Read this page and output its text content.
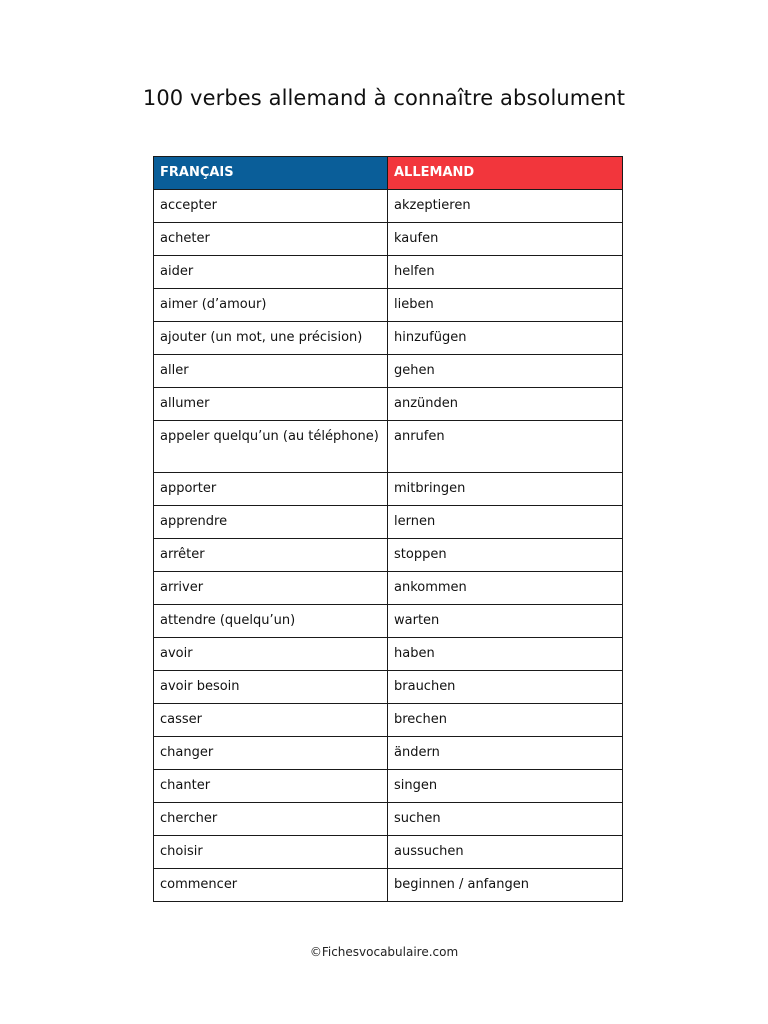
100 verbes allemand à connaître absolument
FRANÇAIS	ALLEMAND
accepter	akzeptieren
acheter	kaufen
aider	helfen
aimer (d’amour)	lieben
ajouter (un mot, une précision)	hinzufügen
aller	gehen
allumer	anzünden
appeler quelqu’un (au téléphone)	anrufen
apporter	mitbringen
apprendre	lernen
arrêter	stoppen
arriver	ankommen
attendre (quelqu’un)	warten
avoir	haben
avoir besoin	brauchen
casser	brechen
changer	ändern
chanter	singen
chercher	suchen
choisir	aussuchen
commencer	beginnen / anfangen
©Fichesvocabulaire.com
